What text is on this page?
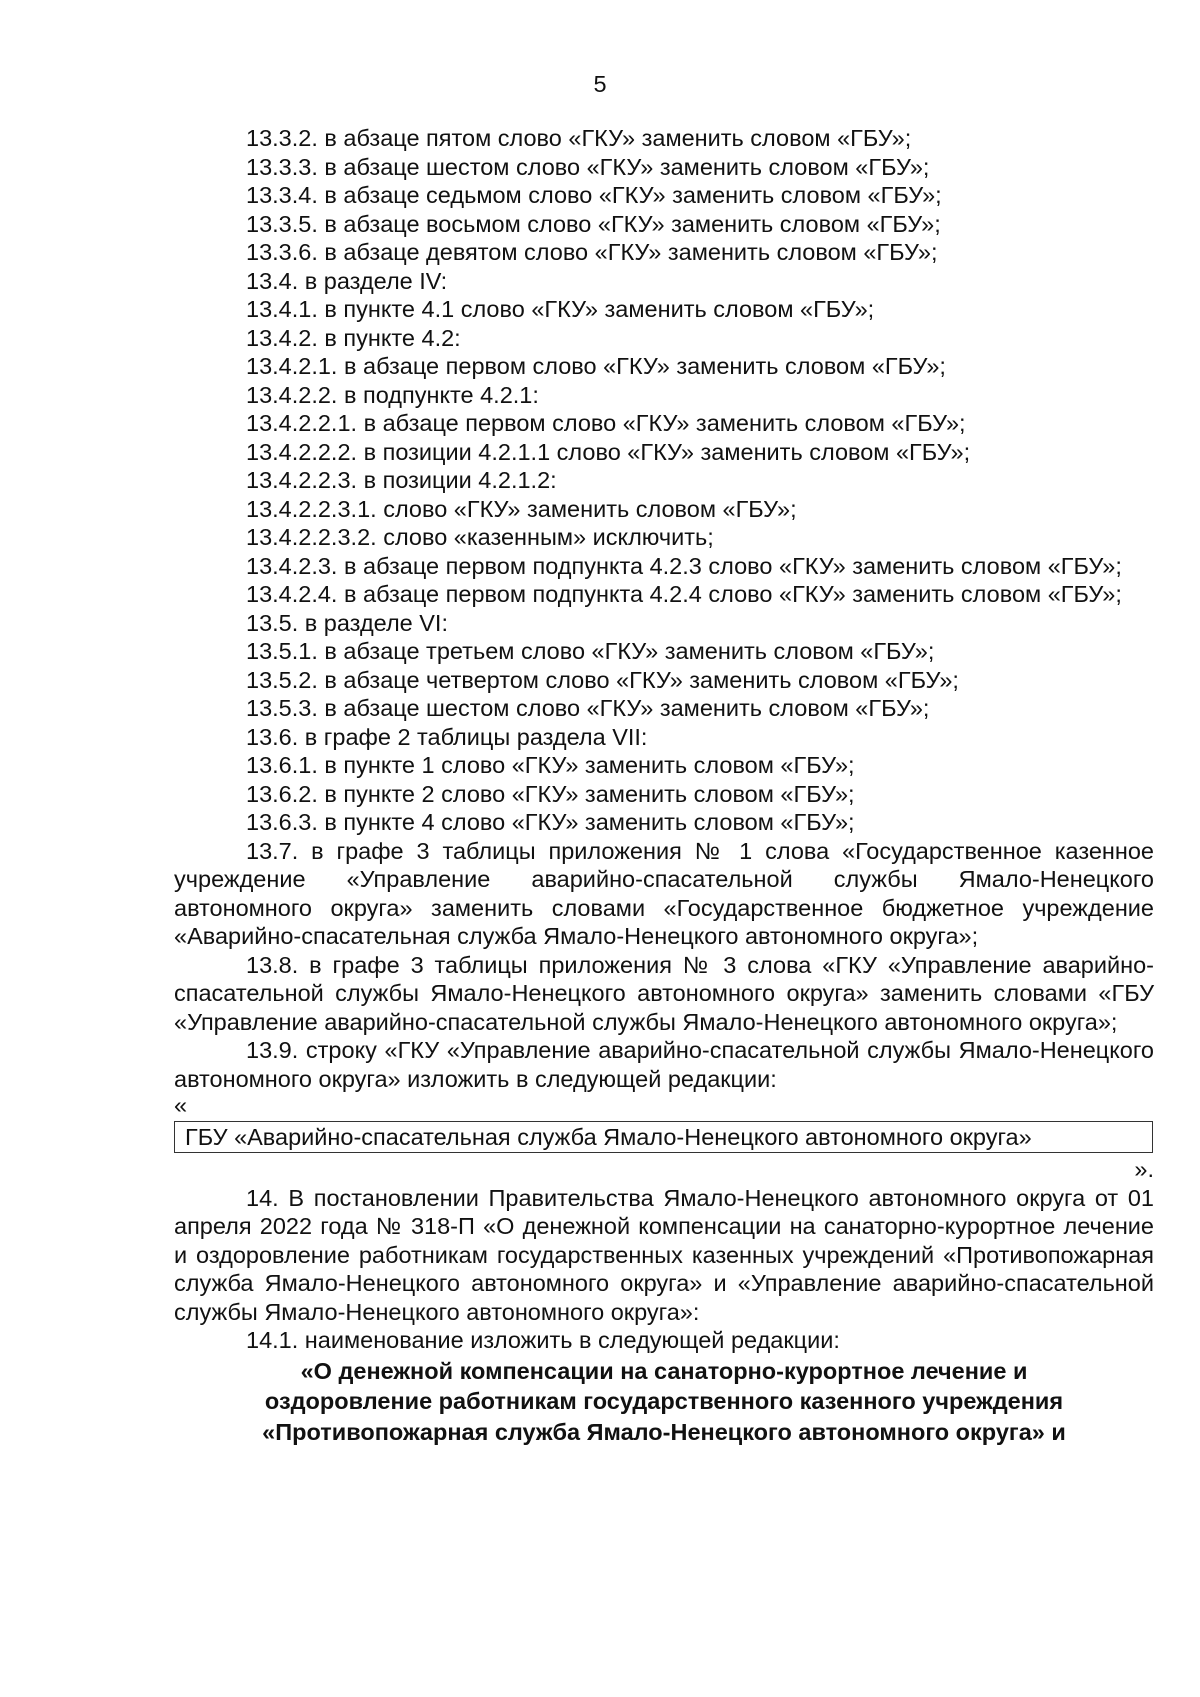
5

13.3.2. в абзаце пятом слово «ГКУ» заменить словом «ГБУ»;

13.3.3. в абзаце шестом слово «ГКУ» заменить словом «ГБУ»;

13.3.4. в абзаце седьмом слово «ГКУ» заменить словом «ГБУ»;

13.3.5. в абзаце восьмом слово «ГКУ» заменить словом «ГБУ»;

13.3.6. в абзаце девятом слово «ГКУ» заменить словом «ГБУ»;

13.4. в разделе IV:

13.4.1. в пункте 4.1 слово «ГКУ» заменить словом «ГБУ»;

13.4.2. в пункте 4.2:

13.4.2.1. в абзаце первом слово «ГКУ» заменить словом «ГБУ»;

13.4.2.2. в подпункте 4.2.1:

13.4.2.2.1. в абзаце первом слово «ГКУ» заменить словом «ГБУ»;

13.4.2.2.2. в позиции 4.2.1.1 слово «ГКУ» заменить словом «ГБУ»;

13.4.2.2.3. в позиции 4.2.1.2:

13.4.2.2.3.1. слово «ГКУ» заменить словом «ГБУ»;

13.4.2.2.3.2. слово «казенным» исключить;

13.4.2.3. в абзаце первом подпункта 4.2.3 слово «ГКУ» заменить словом «ГБУ»;

13.4.2.4. в абзаце первом подпункта 4.2.4 слово «ГКУ» заменить словом «ГБУ»;

13.5. в разделе VI:

13.5.1. в абзаце третьем слово «ГКУ» заменить словом «ГБУ»;

13.5.2. в абзаце четвертом слово «ГКУ» заменить словом «ГБУ»;

13.5.3. в абзаце шестом слово «ГКУ» заменить словом «ГБУ»;

13.6. в графе 2 таблицы раздела VII:

13.6.1. в пункте 1 слово «ГКУ» заменить словом «ГБУ»;

13.6.2. в пункте 2 слово «ГКУ» заменить словом «ГБУ»;

13.6.3. в пункте 4 слово «ГКУ» заменить словом «ГБУ»;

13.7. в графе 3 таблицы приложения № 1 слова «Государственное казенное учреждение «Управление аварийно-спасательной службы Ямало-Ненецкого автономного округа» заменить словами «Государственное бюджетное учреждение «Аварийно-спасательная служба Ямало-Ненецкого автономного округа»;

13.8. в графе 3 таблицы приложения № 3 слова «ГКУ «Управление аварийно-спасательной службы Ямало-Ненецкого автономного округа» заменить словами «ГБУ «Управление аварийно-спасательной службы Ямало-Ненецкого автономного округа»;

13.9. строку «ГКУ «Управление аварийно-спасательной службы Ямало-Ненецкого автономного округа» изложить в следующей редакции:

«

ГБУ «Аварийно-спасательная служба Ямало-Ненецкого автономного округа»

».

14. В постановлении Правительства Ямало-Ненецкого автономного округа от 01 апреля 2022 года № 318-П «О денежной компенсации на санаторно-курортное лечение и оздоровление работникам государственных казенных учреждений «Противопожарная служба Ямало-Ненецкого автономного округа» и «Управление аварийно-спасательной службы Ямало-Ненецкого автономного округа»:

14.1. наименование изложить в следующей редакции:

«О денежной компенсации на санаторно-курортное лечение и

оздоровление работникам государственного казенного учреждения

«Противопожарная служба Ямало-Ненецкого автономного округа» и
